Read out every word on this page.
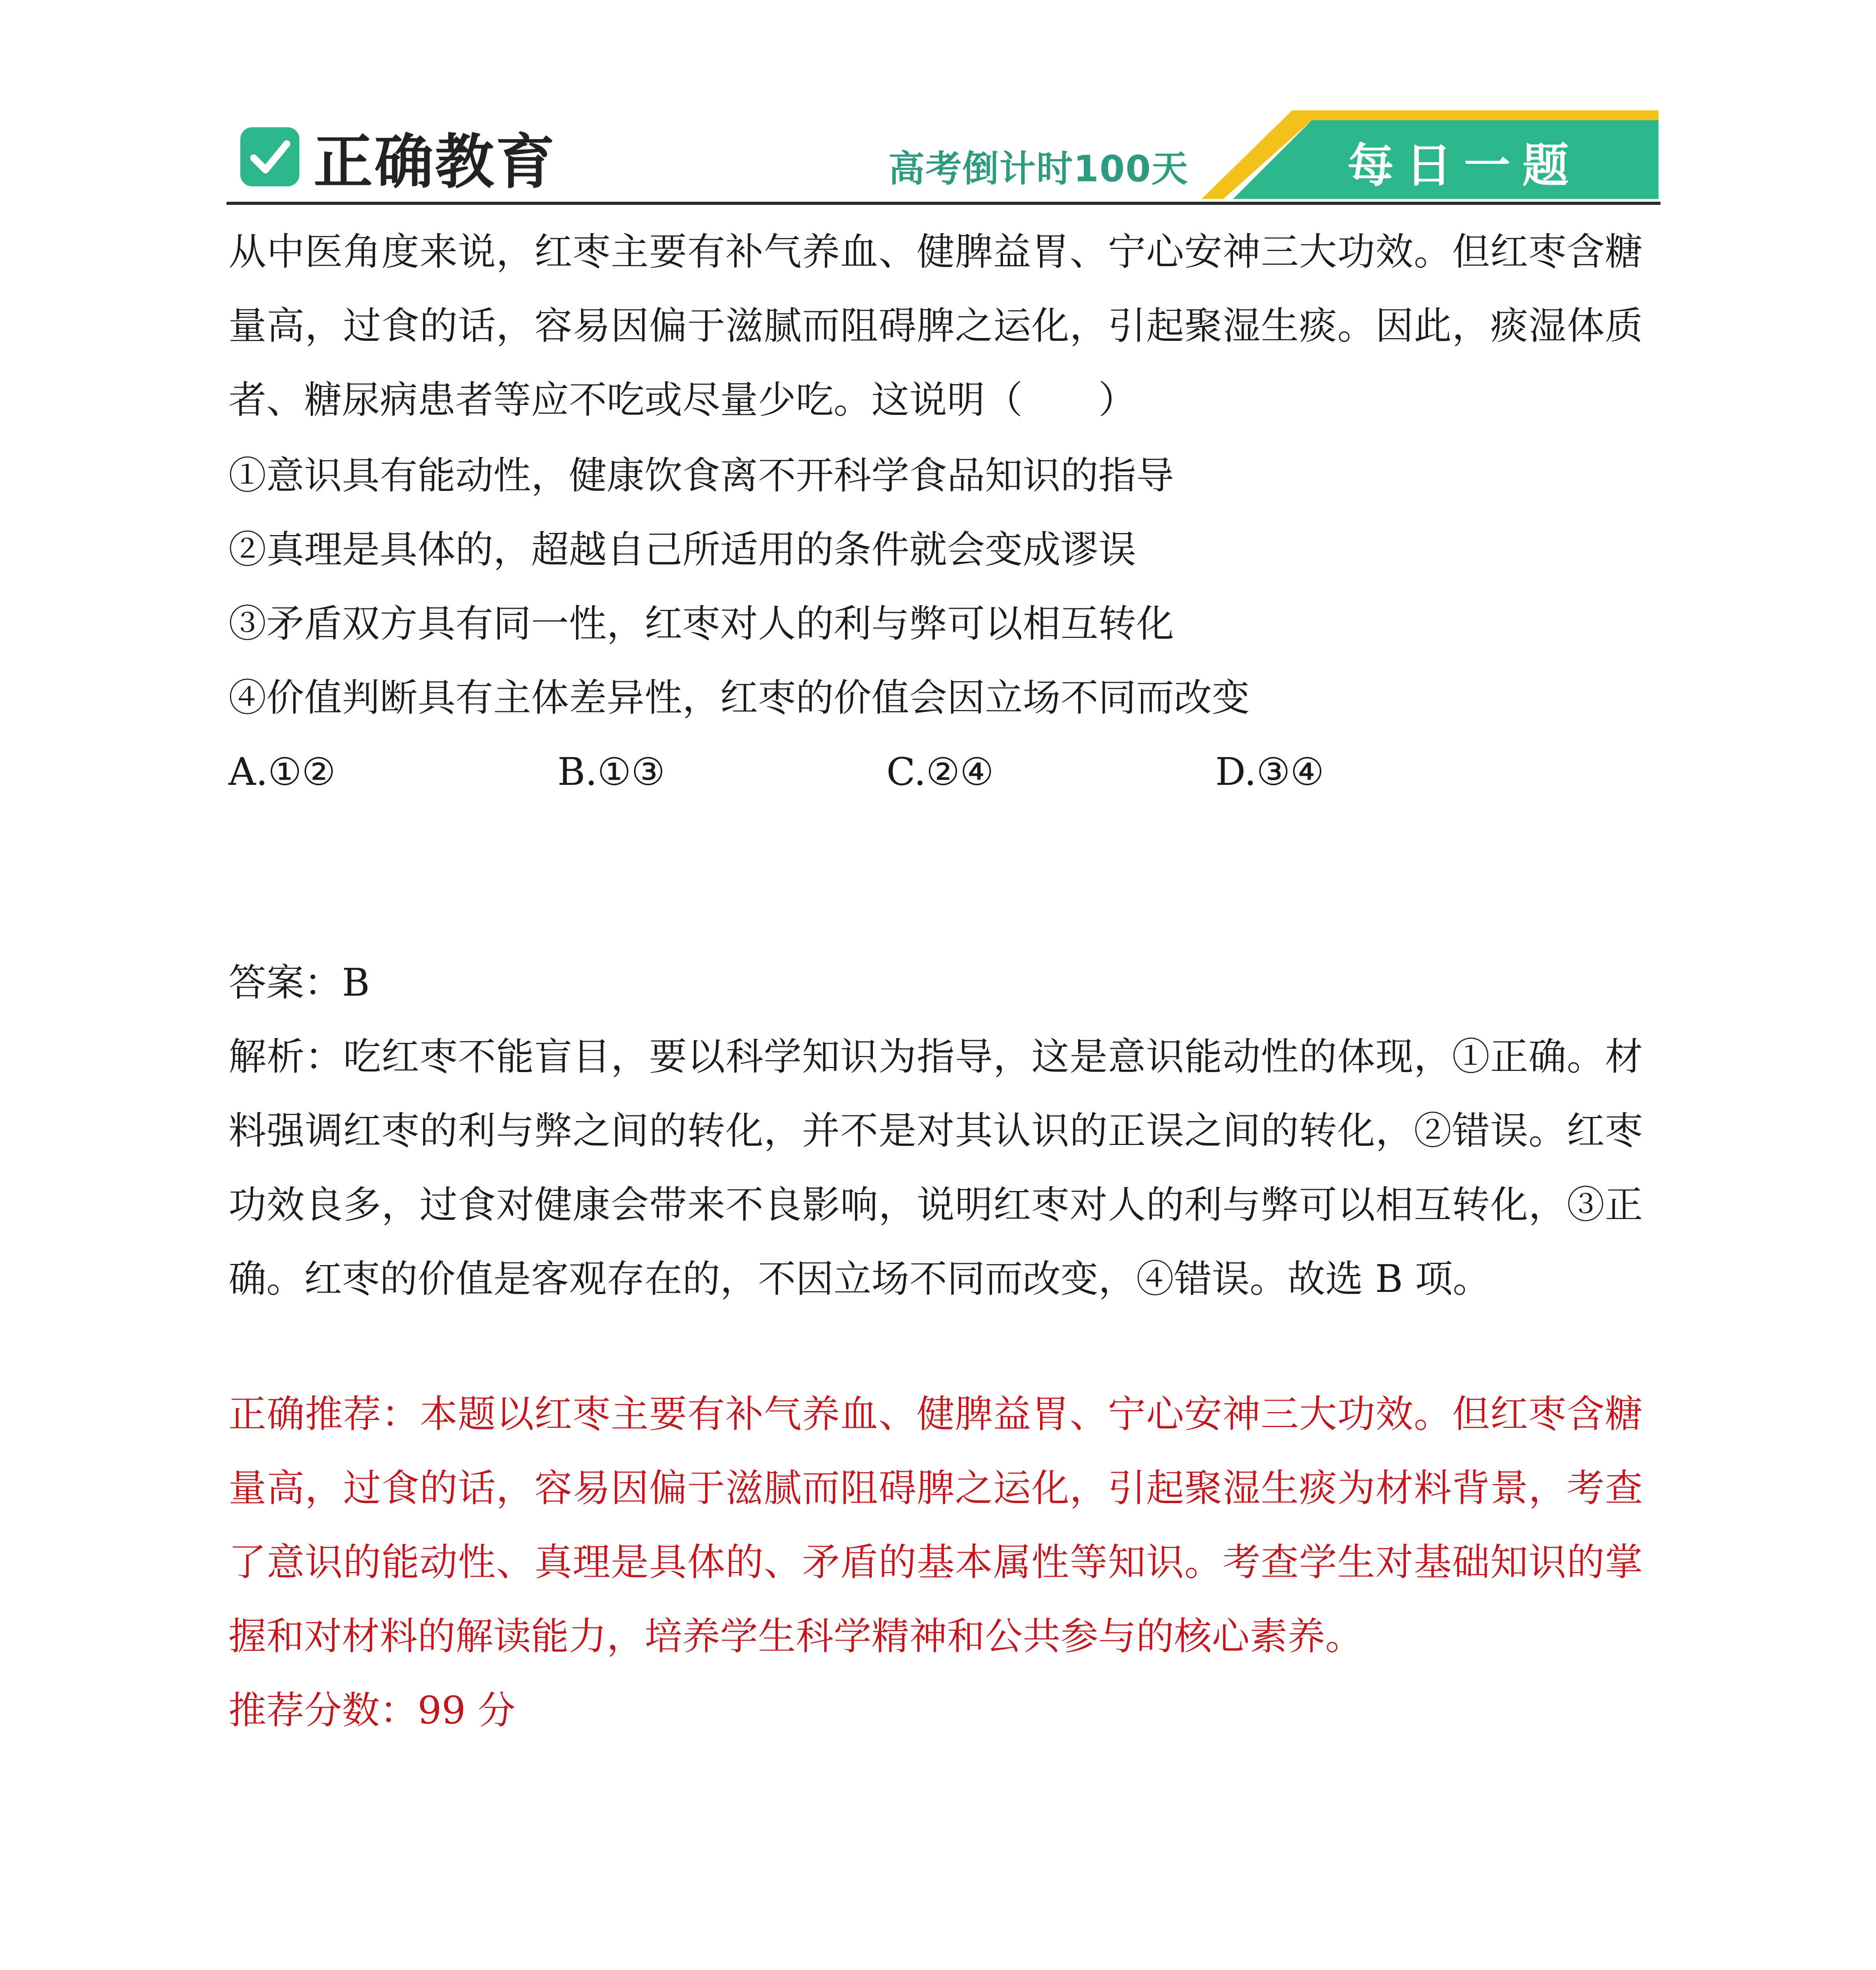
正确教育	高考倒计时100天	每日一题
从中医角度来说，红枣主要有补气养血、健脾益胃、宁心安神三大功效。但红枣含糖
量高，过食的话，容易因偏于滋腻而阻碍脾之运化，引起聚湿生痰。因此，痰湿体质
者、糖尿病患者等应不吃或尽量少吃。这说明（　　）
①意识具有能动性，健康饮食离不开科学食品知识的指导
②真理是具体的，超越自己所适用的条件就会变成谬误
③矛盾双方具有同一性，红枣对人的利与弊可以相互转化
④价值判断具有主体差异性，红枣的价值会因立场不同而改变
A.①②	B.①③	C.②④	D.③④
答案：B
解析：吃红枣不能盲目，要以科学知识为指导，这是意识能动性的体现，①正确。材
料强调红枣的利与弊之间的转化，并不是对其认识的正误之间的转化，②错误。红枣
功效良多，过食对健康会带来不良影响，说明红枣对人的利与弊可以相互转化，③正
确。红枣的价值是客观存在的，不因立场不同而改变，④错误。故选 B 项。
正确推荐：本题以红枣主要有补气养血、健脾益胃、宁心安神三大功效。但红枣含糖
量高，过食的话，容易因偏于滋腻而阻碍脾之运化，引起聚湿生痰为材料背景，考查
了意识的能动性、真理是具体的、矛盾的基本属性等知识。考查学生对基础知识的掌
握和对材料的解读能力，培养学生科学精神和公共参与的核心素养。
推荐分数：99 分
